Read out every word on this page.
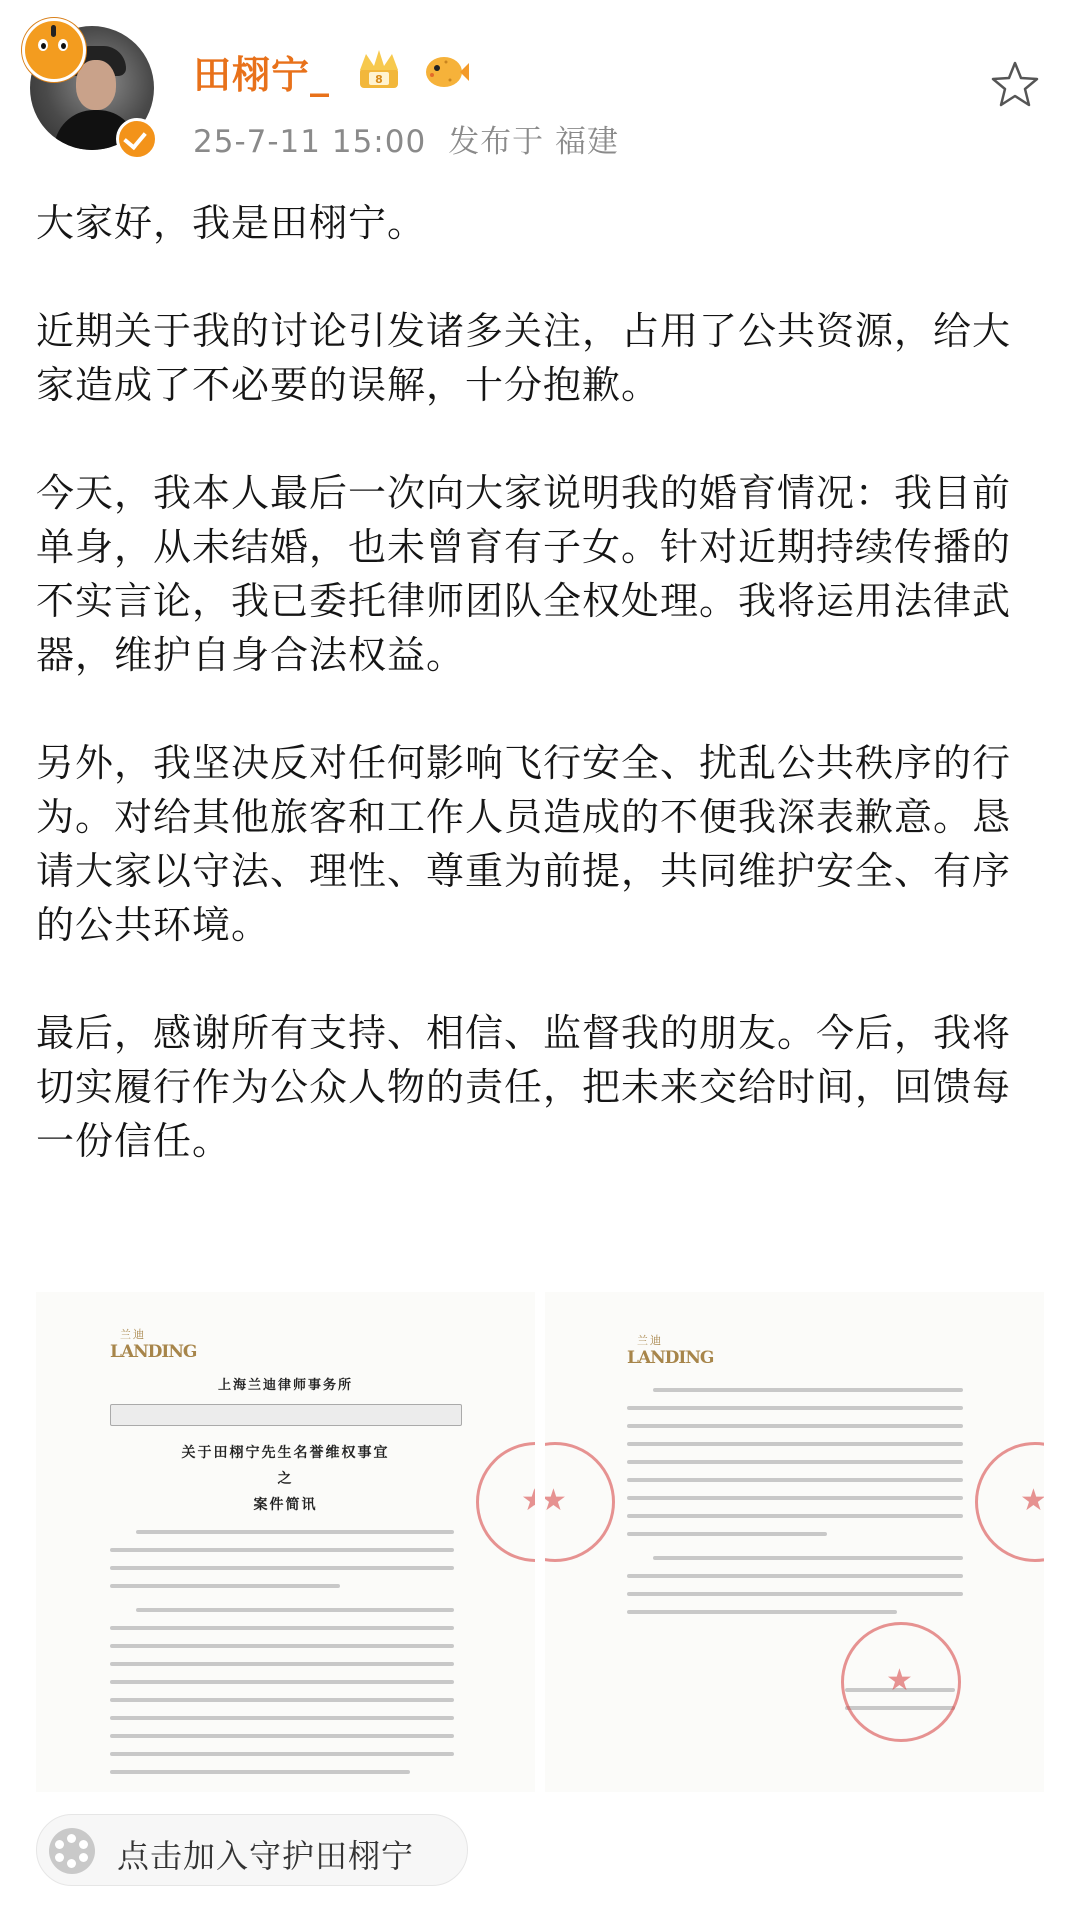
田栩宁_	8
25-7-11 15:00 发布于 福建

大家好，我是田栩宁。

近期关于我的讨论引发诸多关注，占用了公共资源，给大家造成了不必要的误解，十分抱歉。

今天，我本人最后一次向大家说明我的婚育情况：我目前单身，从未结婚，也未曾育有子女。针对近期持续传播的不实言论，我已委托律师团队全权处理。我将运用法律武器，维护自身合法权益。

另外，我坚决反对任何影响飞行安全、扰乱公共秩序的行为。对给其他旅客和工作人员造成的不便我深表歉意。恳请大家以守法、理性、尊重为前提，共同维护安全、有序的公共环境。

最后，感谢所有支持、相信、监督我的朋友。今后，我将切实履行作为公众人物的责任，把未来交给时间，回馈每一份信任。

兰迪
LANDING
上海兰迪律师事务所
关于田栩宁先生名誉维权事宜
之
案件简讯
★
兰迪
LANDING
★
★
★
点击加入守护田栩宁
